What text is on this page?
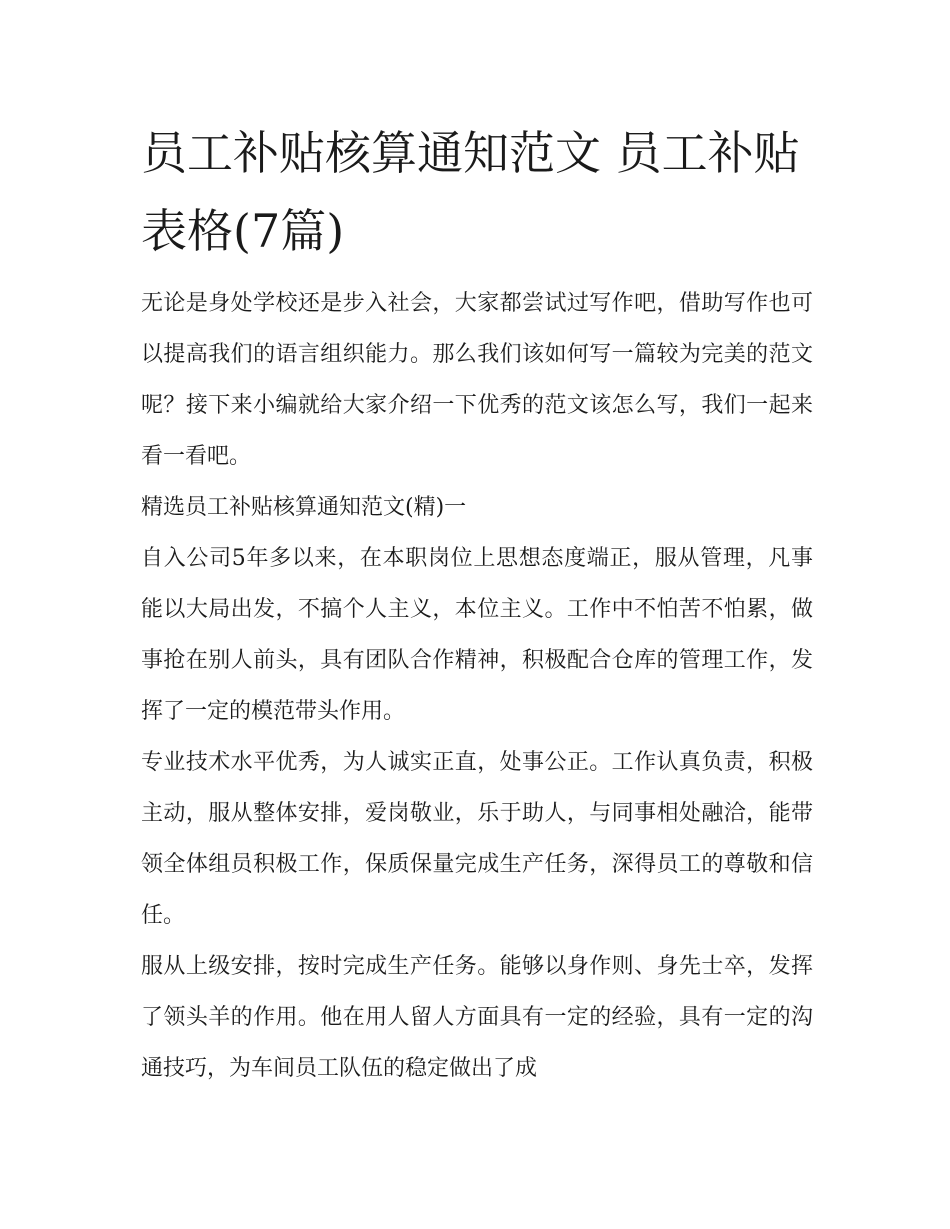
员工补贴核算通知范文 员工补贴表格(7篇)

无论是身处学校还是步入社会，大家都尝试过写作吧，借助写作也可以提高我们的语言组织能力。那么我们该如何写一篇较为完美的范文呢？接下来小编就给大家介绍一下优秀的范文该怎么写，我们一起来看一看吧。

精选员工补贴核算通知范文(精)一

自入公司5年多以来，在本职岗位上思想态度端正，服从管理，凡事能以大局出发，不搞个人主义，本位主义。工作中不怕苦不怕累，做事抢在别人前头，具有团队合作精神，积极配合仓库的管理工作，发挥了一定的模范带头作用。

专业技术水平优秀，为人诚实正直，处事公正。工作认真负责，积极主动，服从整体安排，爱岗敬业，乐于助人，与同事相处融洽，能带领全体组员积极工作，保质保量完成生产任务，深得员工的尊敬和信任。

服从上级安排，按时完成生产任务。能够以身作则、身先士卒，发挥了领头羊的作用。他在用人留人方面具有一定的经验，具有一定的沟通技巧，为车间员工队伍的稳定做出了成
